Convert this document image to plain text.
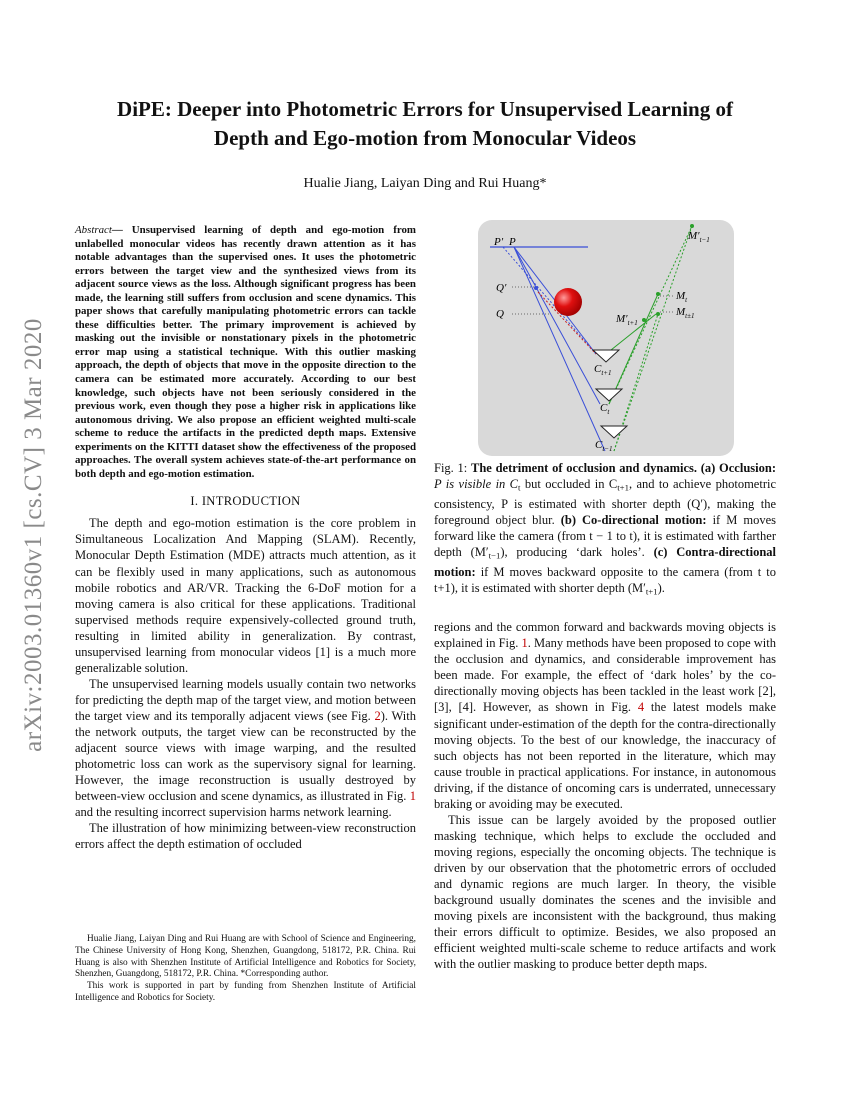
arXiv:2003.01360v1 [cs.CV] 3 Mar 2020
DiPE: Deeper into Photometric Errors for Unsupervised Learning of
Depth and Ego-motion from Monocular Videos
Hualie Jiang, Laiyan Ding and Rui Huang*
Abstract— Unsupervised learning of depth and ego-motion from unlabelled monocular videos has recently drawn attention as it has notable advantages than the supervised ones. It uses the photometric errors between the target view and the synthesized views from its adjacent source views as the loss. Although significant progress has been made, the learning still suffers from occlusion and scene dynamics. This paper shows that carefully manipulating photometric errors can tackle these difficulties better. The primary improvement is achieved by masking out the invisible or nonstationary pixels in the photometric error map using a statistical technique. With this outlier masking approach, the depth of objects that move in the opposite direction to the camera can be estimated more accurately. According to our best knowledge, such objects have not been seriously considered in the previous work, even though they pose a higher risk in applications like autonomous driving. We also propose an efficient weighted multi-scale scheme to reduce the artifacts in the predicted depth maps. Extensive experiments on the KITTI dataset show the effectiveness of the proposed approaches. The overall system achieves state-of-the-art performance on both depth and ego-motion estimation.
I. INTRODUCTION

The depth and ego-motion estimation is the core problem in Simultaneous Localization And Mapping (SLAM). Recently, Monocular Depth Estimation (MDE) attracts much attention, as it can be flexibly used in many applications, such as autonomous mobile robotics and AR/VR. Tracking the 6-DoF motion for a moving camera is also critical for these applications. Traditional supervised methods require expensively-collected ground truth, resulting in limited ability in generalization. By contrast, unsupervised learning from monocular videos [1] is a much more generalizable solution.

The unsupervised learning models usually contain two networks for predicting the depth map of the target view, and motion between the target view and its temporally adjacent views (see Fig. 2). With the network outputs, the target view can be reconstructed by the adjacent source views with image warping, and the resulted photometric loss can work as the supervisory signal for learning. However, the image reconstruction is usually destroyed by between-view occlusion and scene dynamics, as illustrated in Fig. 1 and the resulting incorrect supervision harms network learning.

The illustration of how minimizing between-view reconstruction errors affect the depth estimation of occluded

Hualie Jiang, Laiyan Ding and Rui Huang are with School of Science and Engineering, The Chinese University of Hong Kong, Shenzhen, Guangdong, 518172, P.R. China. Rui Huang is also with Shenzhen Institute of Artificial Intelligence and Robotics for Society, Shenzhen, Guangdong, 518172, P.R. China. *Corresponding author.

This work is supported in part by funding from Shenzhen Institute of Artificial Intelligence and Robotics for Society.

P′ P
Q′
Q
$M'_{t-1}$
$M_t$
$M_{t\pm 1}$
$M'_{t+1}$
$C_{t+1}$
$C_t$
$C_{t-1}$
Fig. 1: The detriment of occlusion and dynamics. (a) Occlusion: P is visible in $C_t$ but occluded in $C_{t+1}$, and to achieve photometric consistency, P is estimated with shorter depth (Q′), making the foreground object blur. (b) Co-directional motion: if M moves forward like the camera (from t − 1 to t), it is estimated with farther depth $(M'_{t-1})$, producing ‘dark holes’. (c) Contra-directional motion: if M moves backward opposite to the camera (from t to t+1), it is estimated with shorter depth $(M'_{t+1})$.

regions and the common forward and backwards moving objects is explained in Fig. 1. Many methods have been proposed to cope with the occlusion and dynamics, and considerable improvement has been made. For example, the effect of ‘dark holes’ by the co-directionally moving objects has been tackled in the least work [2], [3], [4]. However, as shown in Fig. 4 the latest models make significant under-estimation of the depth for the contra-directionally moving objects. To the best of our knowledge, the inaccuracy of such objects has not been reported in the literature, which may cause trouble in practical applications. For instance, in autonomous driving, if the distance of oncoming cars is underrated, unnecessary braking or avoiding may be executed.

This issue can be largely avoided by the proposed outlier masking technique, which helps to exclude the occluded and moving regions, especially the oncoming objects. The technique is driven by our observation that the photometric errors of occluded and dynamic regions are much larger. In theory, the visible background usually dominates the scenes and the invisible and moving pixels are inconsistent with the background, thus making their errors difficult to optimize. Besides, we also proposed an efficient weighted multi-scale scheme to reduce artifacts and work with the outlier masking to produce better depth maps.
